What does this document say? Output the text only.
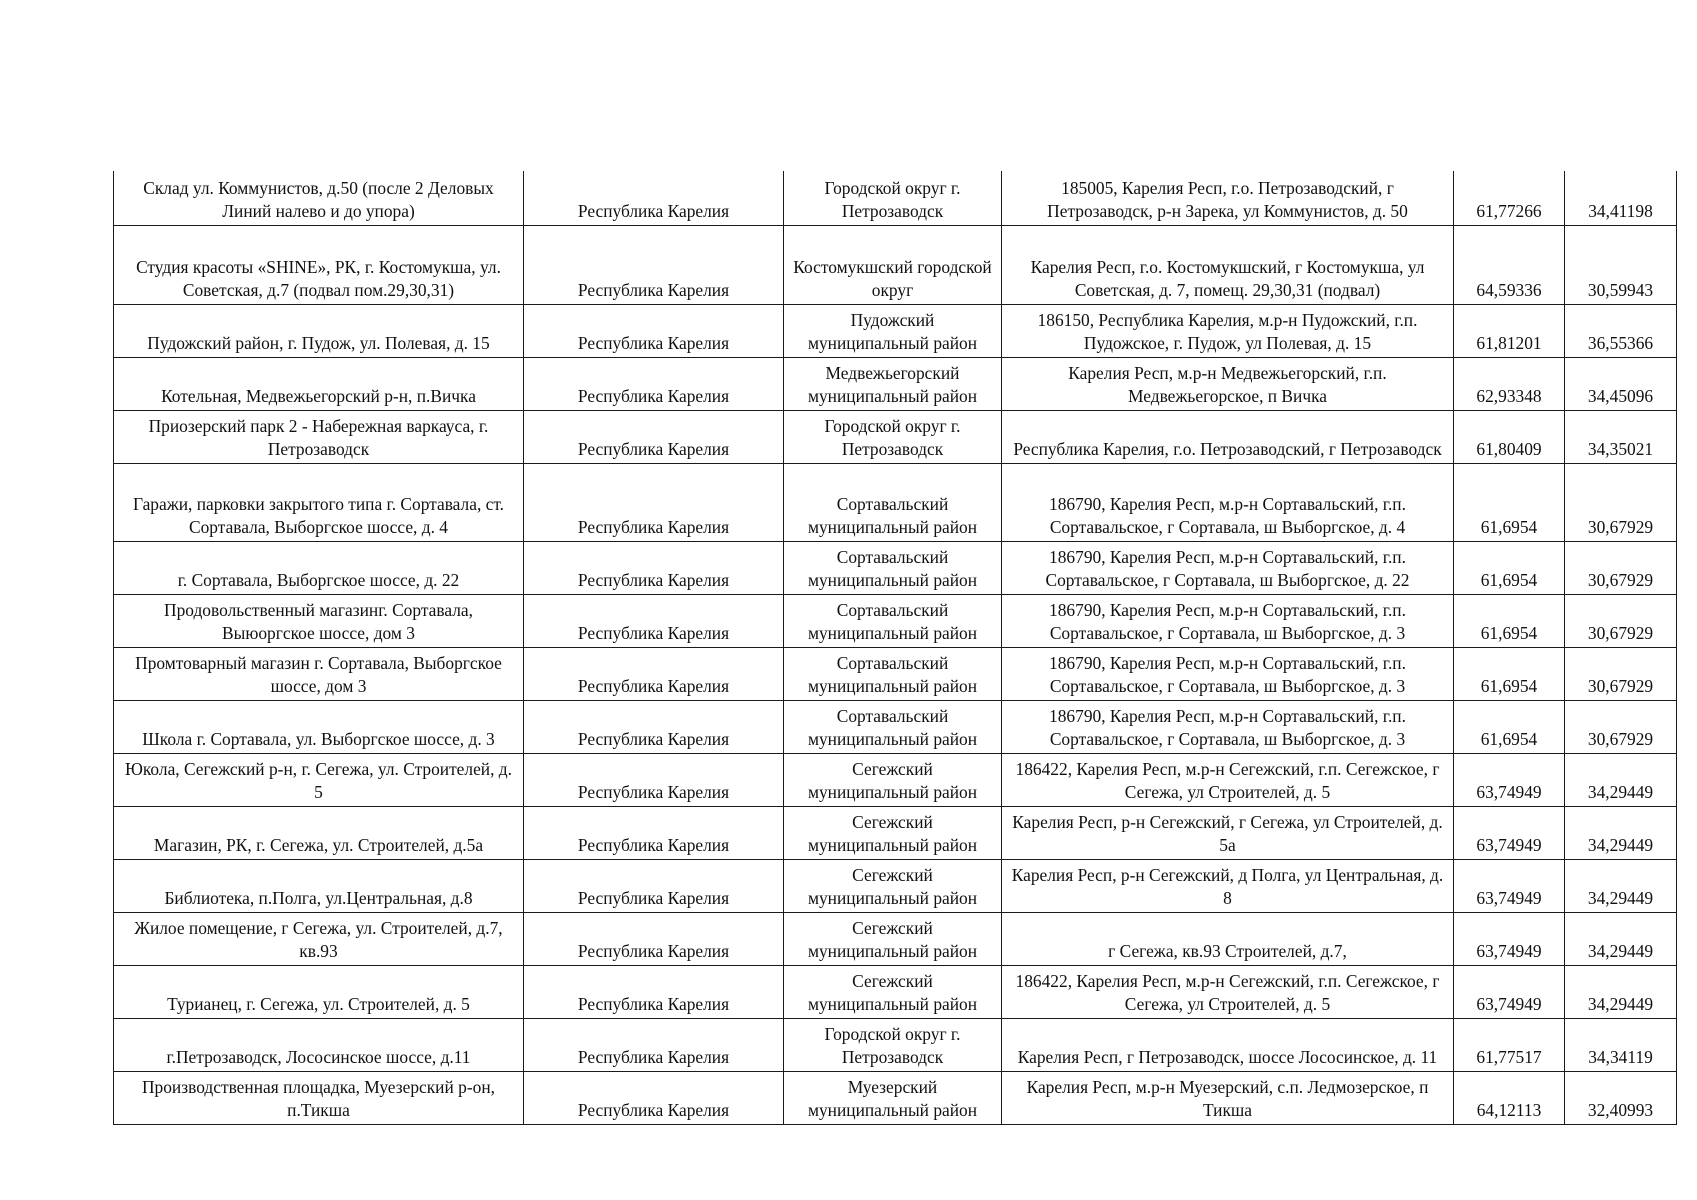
Склад ул. Коммунистов, д.50 (после 2 Деловых Линий налево и до упора)	Республика Карелия	Городской округ г. Петрозаводск	185005, Карелия Респ, г.о. Петрозаводский, г Петрозаводск, р-н Зарека, ул Коммунистов, д. 50	61,77266	34,41198
Студия красоты «SHINE», РК, г. Костомукша, ул. Советская, д.7 (подвал пом.29,30,31)	Республика Карелия	Костомукшский городской округ	Карелия Респ, г.о. Костомукшский, г Костомукша, ул Советская, д. 7, помещ. 29,30,31 (подвал)	64,59336	30,59943
Пудожский район, г. Пудож, ул. Полевая, д. 15	Республика Карелия	Пудожский муниципальный район	186150, Республика Карелия, м.р-н Пудожский, г.п. Пудожское, г. Пудож, ул Полевая, д. 15	61,81201	36,55366
Котельная, Медвежьегорский р-н, п.Вичка	Республика Карелия	Медвежьегорский муниципальный район	Карелия Респ, м.р-н Медвежьегорский, г.п. Медвежьегорское, п Вичка	62,93348	34,45096
Приозерский парк 2 - Набережная варкауса, г. Петрозаводск	Республика Карелия	Городской округ г. Петрозаводск	Республика Карелия, г.о. Петрозаводский, г Петрозаводск	61,80409	34,35021
Гаражи, парковки закрытого типа г. Сортавала, ст. Сортавала, Выборгское шоссе, д. 4	Республика Карелия	Сортавальский муниципальный район	186790, Карелия Респ, м.р-н Сортавальский, г.п. Сортавальское, г Сортавала, ш Выборгское, д. 4	61,6954	30,67929
г. Сортавала, Выборгское шоссе, д. 22	Республика Карелия	Сортавальский муниципальный район	186790, Карелия Респ, м.р-н Сортавальский, г.п. Сортавальское, г Сортавала, ш Выборгское, д. 22	61,6954	30,67929
Продовольственный магазинг. Сортавала, Выюоргское шоссе, дом 3	Республика Карелия	Сортавальский муниципальный район	186790, Карелия Респ, м.р-н Сортавальский, г.п. Сортавальское, г Сортавала, ш Выборгское, д. 3	61,6954	30,67929
Промтоварный магазин г. Сортавала, Выборгское шоссе, дом 3	Республика Карелия	Сортавальский муниципальный район	186790, Карелия Респ, м.р-н Сортавальский, г.п. Сортавальское, г Сортавала, ш Выборгское, д. 3	61,6954	30,67929
Школа г. Сортавала, ул. Выборгское шоссе, д. 3	Республика Карелия	Сортавальский муниципальный район	186790, Карелия Респ, м.р-н Сортавальский, г.п. Сортавальское, г Сортавала, ш Выборгское, д. 3	61,6954	30,67929
Юкола, Сегежский р-н, г. Сегежа, ул. Строителей, д. 5	Республика Карелия	Сегежский муниципальный район	186422, Карелия Респ, м.р-н Сегежский, г.п. Сегежское, г Сегежа, ул Строителей, д. 5	63,74949	34,29449
Магазин, РК, г. Сегежа, ул. Строителей, д.5а	Республика Карелия	Сегежский муниципальный район	Карелия Респ, р-н Сегежский, г Сегежа, ул Строителей, д. 5а	63,74949	34,29449
Библиотека, п.Полга, ул.Центральная, д.8	Республика Карелия	Сегежский муниципальный район	Карелия Респ, р-н Сегежский, д Полга, ул Центральная, д. 8	63,74949	34,29449
Жилое помещение, г Сегежа, ул. Строителей, д.7, кв.93	Республика Карелия	Сегежский муниципальный район	г Сегежа, кв.93 Строителей, д.7,	63,74949	34,29449
Турианец, г. Сегежа, ул. Строителей, д. 5	Республика Карелия	Сегежский муниципальный район	186422, Карелия Респ, м.р-н Сегежский, г.п. Сегежское, г Сегежа, ул Строителей, д. 5	63,74949	34,29449
г.Петрозаводск, Лососинское шоссе, д.11	Республика Карелия	Городской округ г. Петрозаводск	Карелия Респ, г Петрозаводск, шоссе Лососинское, д. 11	61,77517	34,34119
Производственная площадка, Муезерский р-он, п.Тикша	Республика Карелия	Муезерский муниципальный район	Карелия Респ, м.р-н Муезерский, с.п. Ледмозерское, п Тикша	64,12113	32,40993
